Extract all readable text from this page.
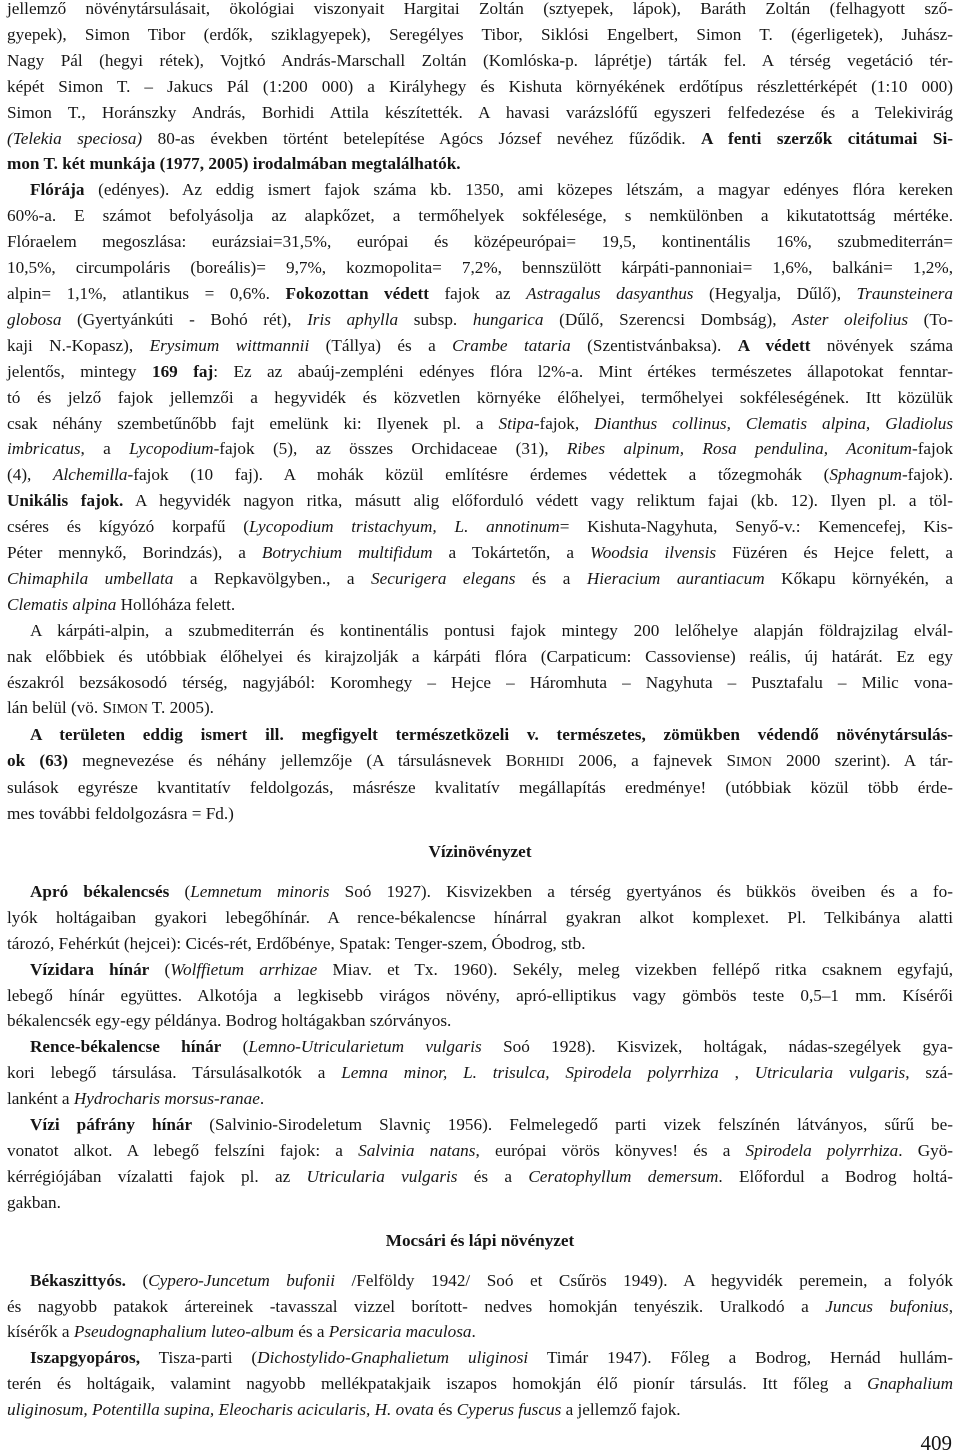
jellemző növénytársulásait, ökológiai viszonyait Hargitai Zoltán (sztyepek, lápok), Baráth Zoltán (felhagyott sző-
gyepek), Simon Tibor (erdők, sziklagyepek), Seregélyes Tibor, Siklósi Engelbert, Simon T. (égerligetek), Juhász-
Nagy Pál (hegyi rétek), Vojtkó András-Marschall Zoltán (Komlóska-p. láprétje) tárták fel. A térség vegetáció tér-
képét Simon T. – Jakucs Pál (1:200 000) a Királyhegy és Kishuta környékének erdőtípus részlettérképét (1:10 000)
Simon T., Horánszky András, Borhidi Attila készítették. A havasi varázslófű egyszeri felfedezése és a Telekivirág
(Telekia speciosa) 80-as években történt betelepítése Agócs József nevéhez fűződik. A fenti szerzők citátumai Si-
mon T. két munkája (1977, 2005) irodalmában megtalálhatók.
Flórája (edényes). Az eddig ismert fajok száma kb. 1350, ami közepes létszám, a magyar edényes flóra kereken
60%-a. E számot befolyásolja az alapkőzet, a termőhelyek sokfélesége, s nemkülönben a kikutatottság mértéke.
Flóraelem megoszlása: eurázsiai=31,5%, európai és középeurópai= 19,5, kontinentális 16%, szubmediterrán=
10,5%, circumpoláris (boreális)= 9,7%, kozmopolita= 7,2%, bennszülött kárpáti-pannoniai= 1,6%, balkáni= 1,2%,
alpin= 1,1%, atlantikus = 0,6%. Fokozottan védett fajok az Astragalus dasyanthus (Hegyalja, Dűlő), Traunsteinera
globosa (Gyertyánkúti - Bohó rét), Iris aphylla subsp. hungarica (Dűlő, Szerencsi Dombság), Aster oleifolius (To-
kaji N.-Kopasz), Erysimum wittmannii (Tállya) és a Crambe tataria (Szentistvánbaksa). A védett növények száma
jelentős, mintegy 169 faj: Ez az abaúj-zempléni edényes flóra l2%-a. Mint értékes természetes állapotokat fenntar-
tó és jelző fajok jellemzői a hegyvidék és közvetlen környéke élőhelyei, termőhelyei sokféleségének. Itt közülük
csak néhány szembetűnőbb fajt emelünk ki: Ilyenek pl. a Stipa-fajok, Dianthus collinus, Clematis alpina, Gladiolus
imbricatus, a Lycopodium-fajok (5), az összes Orchidaceae (31), Ribes alpinum, Rosa pendulina, Aconitum-fajok
(4), Alchemilla-fajok (10 faj). A mohák közül említésre érdemes védettek a tőzegmohák (Sphagnum-fajok).
Unikális fajok. A hegyvidék nagyon ritka, másutt alig előforduló védett vagy reliktum fajai (kb. 12). Ilyen pl. a töl-
cséres és kígyózó korpafű (Lycopodium tristachyum, L. annotinum= Kishuta-Nagyhuta, Senyő-v.: Kemencefej, Kis-
Péter mennykő, Borindzás), a Botrychium multifidum a Tokártetőn, a Woodsia ilvensis Füzéren és Hejce felett, a
Chimaphila umbellata a Repkavölgyben., a Securigera elegans és a Hieracium aurantiacum Kőkapu környékén, a
Clematis alpina Hollóháza felett.
A kárpáti-alpin, a szubmediterrán és kontinentális pontusi fajok mintegy 200 lelőhelye alapján földrajzilag elvál-
nak előbbiek és utóbbiak élőhelyei és kirajzolják a kárpáti flóra (Carpaticum: Cassoviense) reális, új határát. Ez egy
északról bezsákosodó térség, nagyjából: Koromhegy – Hejce – Háromhuta – Nagyhuta – Pusztafalu – Milic vona-
lán belül (vö. SIMON T. 2005).
A területen eddig ismert ill. megfigyelt természetközeli v. természetes, zömükben védendő növénytársulás-
ok (63) megnevezése és néhány jellemzője (A társulásnevek BORHIDI 2006, a fajnevek SIMON 2000 szerint). A tár-
sulások egyrésze kvantitatív feldolgozás, másrésze kvalitatív megállapítás eredménye! (utóbbiak közül több érde-
mes további feldolgozásra = Fd.)
Vízinövényzet
Apró békalencsés (Lemnetum minoris Soó 1927). Kisvizekben a térség gyertyános és bükkös öveiben és a fo-
lyók holtágaiban gyakori lebegőhínár. A rence-békalencse hínárral gyakran alkot komplexet. Pl. Telkibánya alatti
tározó, Fehérkút (hejcei): Cicés-rét, Erdőbénye, Spatak: Tenger-szem, Óbodrog, stb.
Vízidara hínár (Wolffietum arrhizae Miav. et Tx. 1960). Sekély, meleg vizekben fellépő ritka csaknem egyfajú,
lebegő hínár együttes. Alkotója a legkisebb virágos növény, apró-elliptikus vagy gömbös teste 0,5–1 mm. Kísérői
békalencsék egy-egy példánya. Bodrog holtágakban szórványos.
Rence-békalencse hínár (Lemno-Utricularietum vulgaris Soó 1928). Kisvizek, holtágak, nádas-szegélyek gya-
kori lebegő társulása. Társulásalkotók a Lemna minor, L. trisulca, Spirodela polyrrhiza , Utricularia vulgaris, szá-
lanként a Hydrocharis morsus-ranae.
Vízi páfrány hínár (Salvinio-Sirodeletum Slavniç 1956). Felmelegedő parti vizek felszínén látványos, sűrű be-
vonatot alkot. A lebegő felszíni fajok: a Salvinia natans, európai vörös könyves! és a Spirodela polyrrhiza. Gyö-
kérrégiójában vízalatti fajok pl. az Utricularia vulgaris és a Ceratophyllum demersum. Előfordul a Bodrog holtá-
gakban.
Mocsári és lápi növényzet
Békaszittyós. (Cypero-Juncetum bufonii /Felföldy 1942/ Soó et Csűrös 1949). A hegyvidék peremein, a folyók
és nagyobb patakok ártereinek -tavasszal vizzel borított- nedves homokján tenyészik. Uralkodó a Juncus bufonius,
kísérők a Pseudognaphalium luteo-album és a Persicaria maculosa.
Iszapgyopáros, Tisza-parti (Dichostylido-Gnaphalietum uliginosi Timár 1947). Főleg a Bodrog, Hernád hullám-
terén és holtágaik, valamint nagyobb mellékpatakjaik iszapos homokján élő pionír társulás. Itt főleg a Gnaphalium
uliginosum, Potentilla supina, Eleocharis acicularis, H. ovata és Cyperus fuscus a jellemző fajok.
409
